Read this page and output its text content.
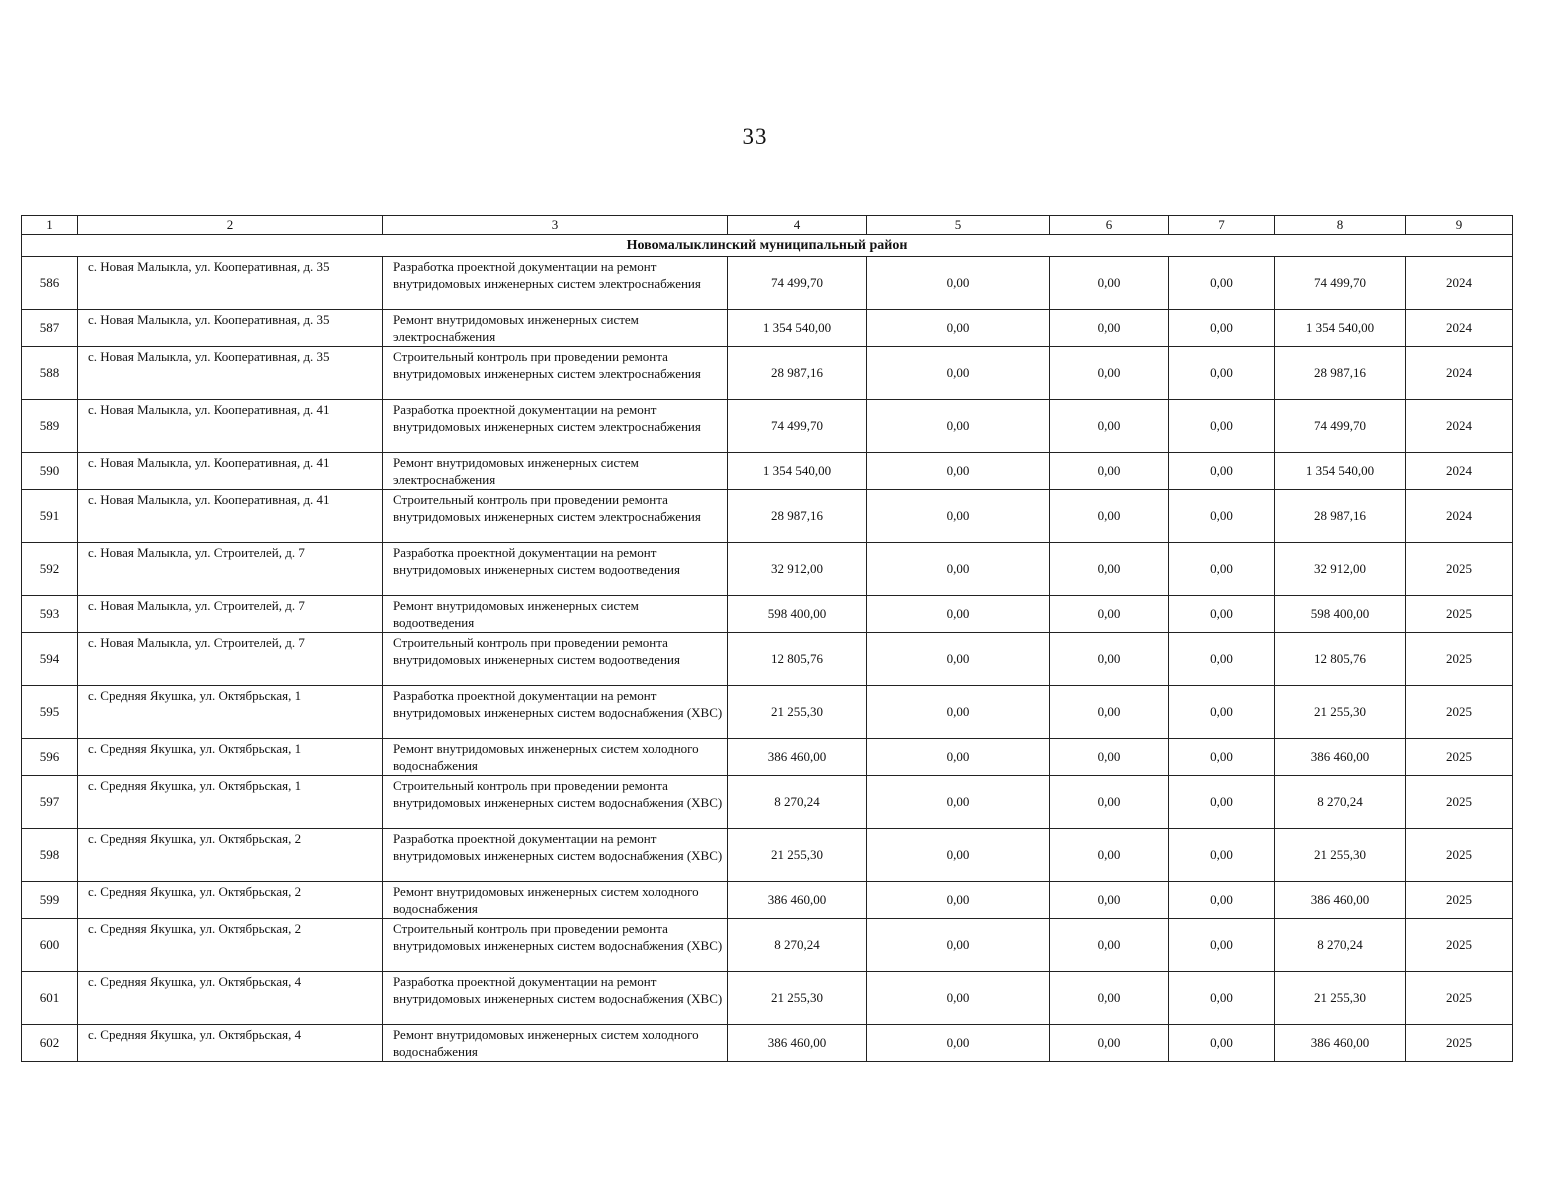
33
1	2	3	4	5	6	7	8	9
Новомалыклинский муниципальный район								
586	с. Новая Малыкла, ул. Кооперативная, д. 35	Разработка проектной документации на ремонт внутридомовых инженерных систем электроснабжения	74 499,70	0,00	0,00	0,00	74 499,70	2024
587	с. Новая Малыкла, ул. Кооперативная, д. 35	Ремонт внутридомовых инженерных систем электроснабжения	1 354 540,00	0,00	0,00	0,00	1 354 540,00	2024
588	с. Новая Малыкла, ул. Кооперативная, д. 35	Строительный контроль при проведении ремонта внутридомовых инженерных систем электроснабжения	28 987,16	0,00	0,00	0,00	28 987,16	2024
589	с. Новая Малыкла, ул. Кооперативная, д. 41	Разработка проектной документации на ремонт внутридомовых инженерных систем электроснабжения	74 499,70	0,00	0,00	0,00	74 499,70	2024
590	с. Новая Малыкла, ул. Кооперативная, д. 41	Ремонт внутридомовых инженерных систем электроснабжения	1 354 540,00	0,00	0,00	0,00	1 354 540,00	2024
591	с. Новая Малыкла, ул. Кооперативная, д. 41	Строительный контроль при проведении ремонта внутридомовых инженерных систем электроснабжения	28 987,16	0,00	0,00	0,00	28 987,16	2024
592	с. Новая Малыкла, ул. Строителей, д. 7	Разработка проектной документации на ремонт внутридомовых инженерных систем водоотведения	32 912,00	0,00	0,00	0,00	32 912,00	2025
593	с. Новая Малыкла, ул. Строителей, д. 7	Ремонт внутридомовых инженерных систем водоотведения	598 400,00	0,00	0,00	0,00	598 400,00	2025
594	с. Новая Малыкла, ул. Строителей, д. 7	Строительный контроль при проведении ремонта внутридомовых инженерных систем водоотведения	12 805,76	0,00	0,00	0,00	12 805,76	2025
595	с. Средняя Якушка, ул. Октябрьская, 1	Разработка проектной документации на ремонт внутридомовых инженерных систем водоснабжения (ХВС)	21 255,30	0,00	0,00	0,00	21 255,30	2025
596	с. Средняя Якушка, ул. Октябрьская, 1	Ремонт внутридомовых инженерных систем холодного водоснабжения	386 460,00	0,00	0,00	0,00	386 460,00	2025
597	с. Средняя Якушка, ул. Октябрьская, 1	Строительный контроль при проведении ремонта внутридомовых инженерных систем водоснабжения (ХВС)	8 270,24	0,00	0,00	0,00	8 270,24	2025
598	с. Средняя Якушка, ул. Октябрьская, 2	Разработка проектной документации на ремонт внутридомовых инженерных систем водоснабжения (ХВС)	21 255,30	0,00	0,00	0,00	21 255,30	2025
599	с. Средняя Якушка, ул. Октябрьская, 2	Ремонт внутридомовых инженерных систем холодного водоснабжения	386 460,00	0,00	0,00	0,00	386 460,00	2025
600	с. Средняя Якушка, ул. Октябрьская, 2	Строительный контроль при проведении ремонта внутридомовых инженерных систем водоснабжения (ХВС)	8 270,24	0,00	0,00	0,00	8 270,24	2025
601	с. Средняя Якушка, ул. Октябрьская, 4	Разработка проектной документации на ремонт внутридомовых инженерных систем водоснабжения (ХВС)	21 255,30	0,00	0,00	0,00	21 255,30	2025
602	с. Средняя Якушка, ул. Октябрьская, 4	Ремонт внутридомовых инженерных систем холодного водоснабжения	386 460,00	0,00	0,00	0,00	386 460,00	2025
